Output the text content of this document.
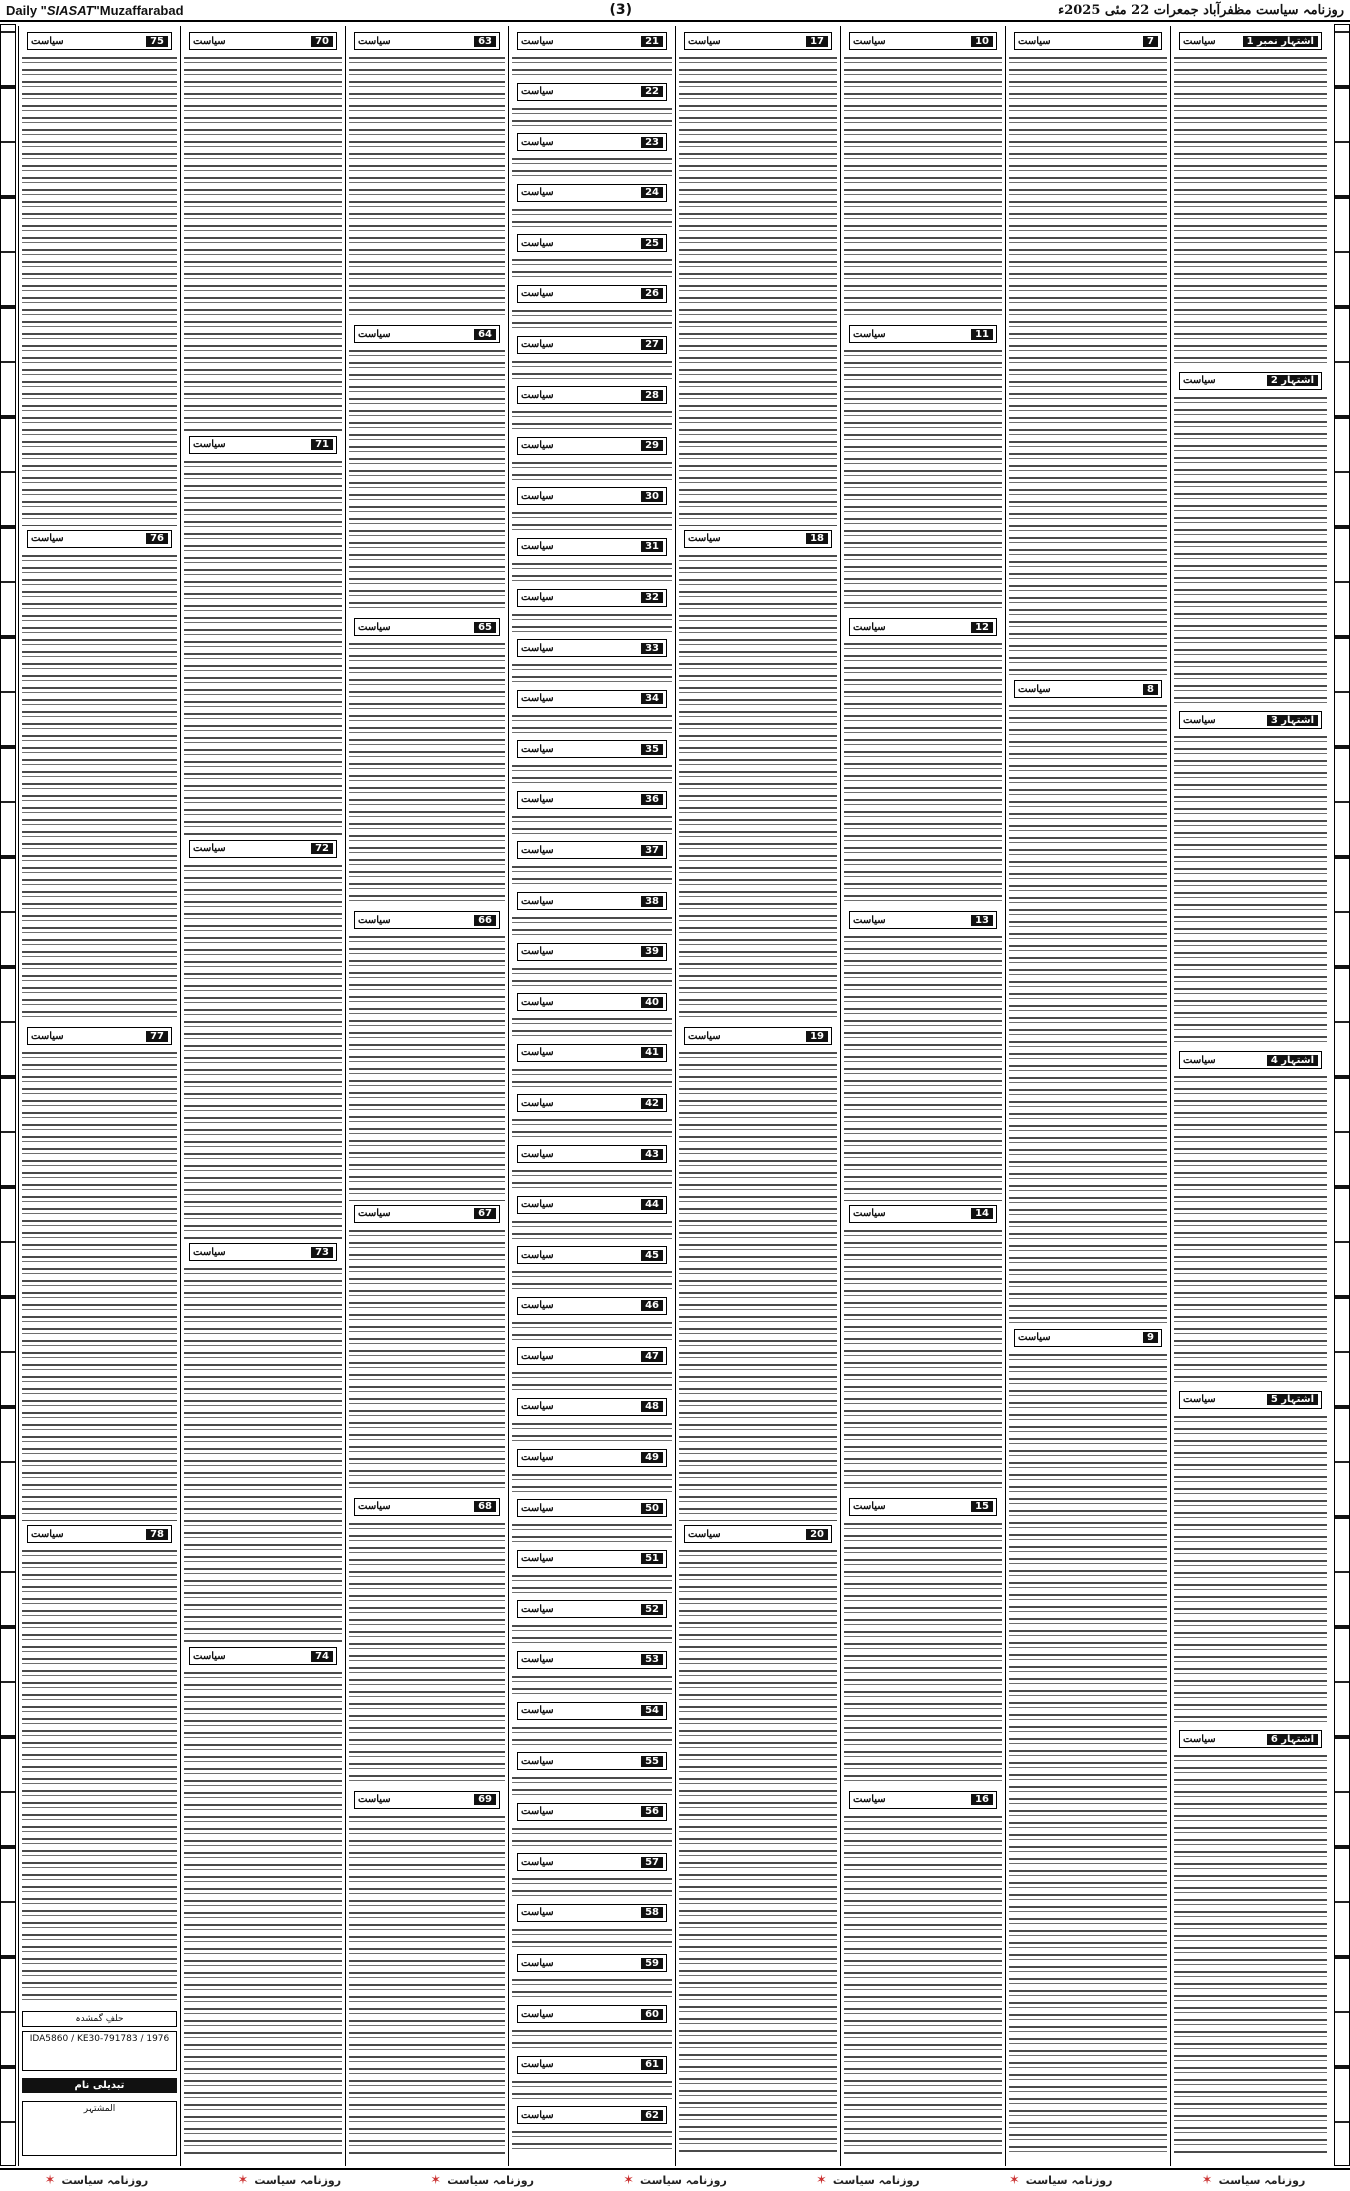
Daily "SIASAT"Muzaffarabad	(3)	روزنامہ سیاست مظفرآباد جمعرات 22 مئی 2025ء
سیاست	اشتہار نمبر 1
سیاست	اشتہار 2
سیاست	اشتہار 3
سیاست	اشتہار 4
سیاست	اشتہار 5
سیاست	اشتہار 6
سیاست	7
سیاست	8
سیاست	9
سیاست	10
سیاست	11
سیاست	12
سیاست	13
سیاست	14
سیاست	15
سیاست	16
سیاست	17
سیاست	18
سیاست	19
سیاست	20
سیاست	21
سیاست	22
سیاست	23
سیاست	24
سیاست	25
سیاست	26
سیاست	27
سیاست	28
سیاست	29
سیاست	30
سیاست	31
سیاست	32
سیاست	33
سیاست	34
سیاست	35
سیاست	36
سیاست	37
سیاست	38
سیاست	39
سیاست	40
سیاست	41
سیاست	42
سیاست	43
سیاست	44
سیاست	45
سیاست	46
سیاست	47
سیاست	48
سیاست	49
سیاست	50
سیاست	51
سیاست	52
سیاست	53
سیاست	54
سیاست	55
سیاست	56
سیاست	57
سیاست	58
سیاست	59
سیاست	60
سیاست	61
سیاست	62
سیاست	63
سیاست	64
سیاست	65
سیاست	66
سیاست	67
سیاست	68
سیاست	69
سیاست	70
سیاست	71
سیاست	72
سیاست	73
سیاست	74
سیاست	75
سیاست	76
سیاست	77
سیاست	78
حلفِ گمشدہ
IDA5860 / KE30-791783 / 1976
تبدیلی نام
المشتہر
✶ روزنامہ سیاست	✶ روزنامہ سیاست	✶ روزنامہ سیاست	✶ روزنامہ سیاست	✶ روزنامہ سیاست	✶ روزنامہ سیاست	✶ روزنامہ سیاست
